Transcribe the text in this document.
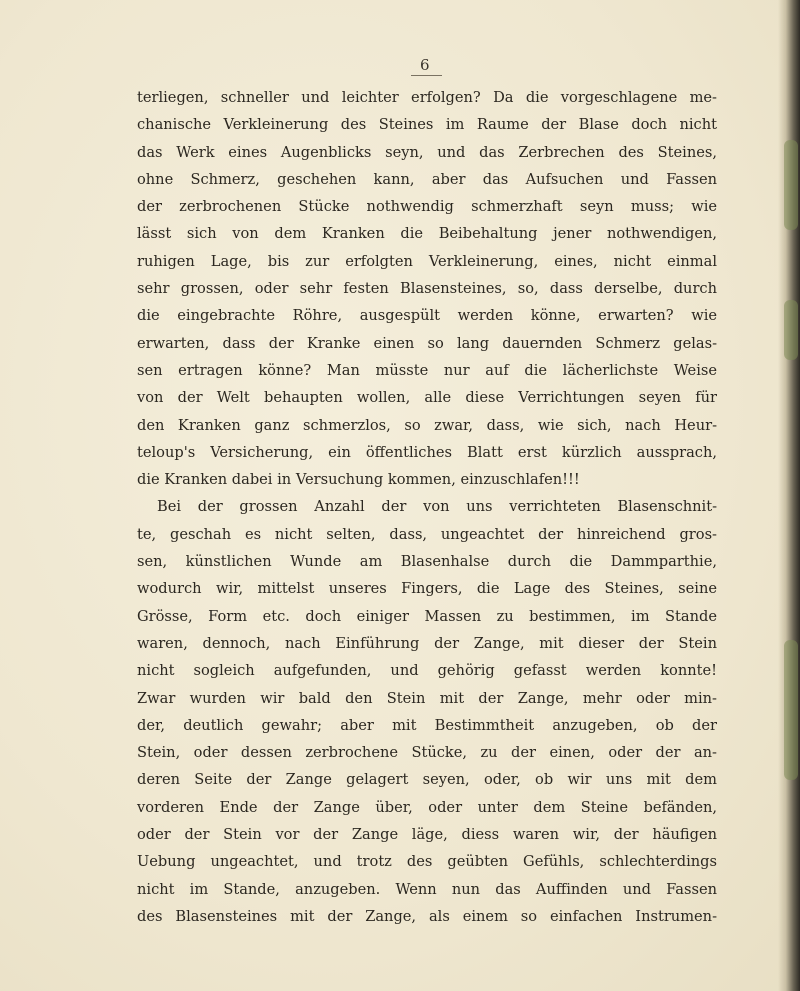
6
terliegen, schneller und leichter erfolgen? Da die vorgeschlagene me-
chanische Verkleinerung des Steines im Raume der Blase doch nicht
das Werk eines Augenblicks seyn, und das Zerbrechen des Steines,
ohne Schmerz, geschehen kann, aber das Aufsuchen und Fassen
der zerbrochenen Stücke nothwendig schmerzhaft seyn muss; wie
lässt sich von dem Kranken die Beibehaltung jener nothwendigen,
ruhigen Lage, bis zur erfolgten Verkleinerung, eines, nicht einmal
sehr grossen, oder sehr festen Blasensteines, so, dass derselbe, durch
die eingebrachte Röhre, ausgespült werden könne, erwarten? wie
erwarten, dass der Kranke einen so lang dauernden Schmerz gelas-
sen ertragen könne? Man müsste nur auf die lächerlichste Weise
von der Welt behaupten wollen, alle diese Verrichtungen seyen für
den Kranken ganz schmerzlos, so zwar, dass, wie sich, nach Heur-
teloup's Versicherung, ein öffentliches Blatt erst kürzlich aussprach,
die Kranken dabei in Versuchung kommen, einzuschlafen!!!
Bei der grossen Anzahl der von uns verrichteten Blasenschnit-
te, geschah es nicht selten, dass, ungeachtet der hinreichend gros-
sen, künstlichen Wunde am Blasenhalse durch die Dammparthie,
wodurch wir, mittelst unseres Fingers, die Lage des Steines, seine
Grösse, Form etc. doch einiger Massen zu bestimmen, im Stande
waren, dennoch, nach Einführung der Zange, mit dieser der Stein
nicht sogleich aufgefunden, und gehörig gefasst werden konnte!
Zwar wurden wir bald den Stein mit der Zange, mehr oder min-
der, deutlich gewahr; aber mit Bestimmtheit anzugeben, ob der
Stein, oder dessen zerbrochene Stücke, zu der einen, oder der an-
deren Seite der Zange gelagert seyen, oder, ob wir uns mit dem
vorderen Ende der Zange über, oder unter dem Steine befänden,
oder der Stein vor der Zange läge, diess waren wir, der häufigen
Uebung ungeachtet, und trotz des geübten Gefühls, schlechterdings
nicht im Stande, anzugeben. Wenn nun das Auffinden und Fassen
des Blasensteines mit der Zange, als einem so einfachen Instrumen-
